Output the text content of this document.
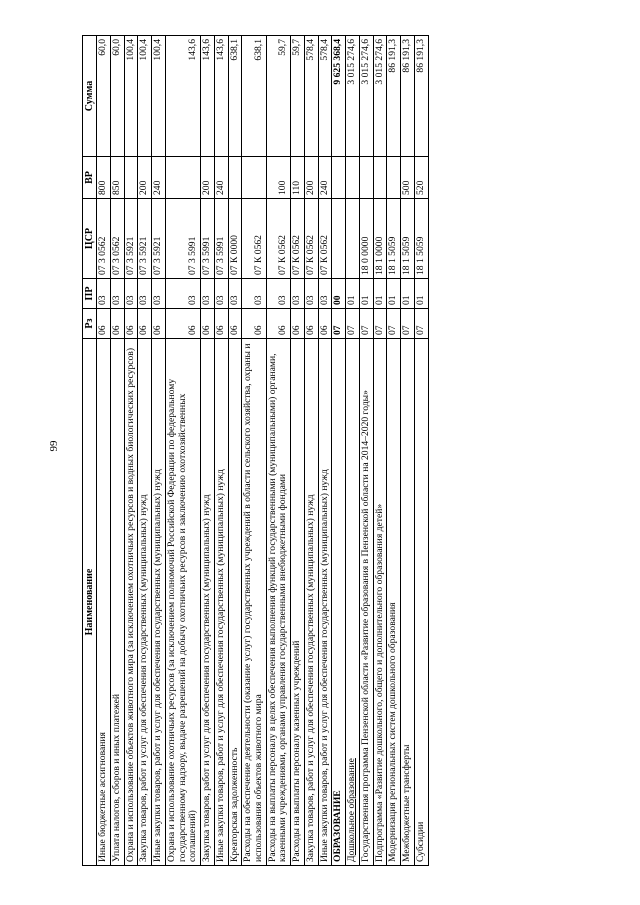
99
Наименование	Рз	ПР	ЦСР	ВР	Сумма
Иные бюджетные ассигнования	06	03	07 3 0562	800	60,0
Уплата налогов, сборов и иных платежей	06	03	07 3 0562	850	60,0
Охрана и использование объектов животного мира (за исключением охотничьих ресурсов и водных биологических ресурсов)	06	03	07 3 5921		100,4
Закупка товаров, работ и услуг для обеспечения государственных (муниципальных) нужд	06	03	07 3 5921	200	100,4
Иные закупки товаров, работ и услуг для обеспечения государственных (муниципальных) нужд	06	03	07 3 5921	240	100,4
Охрана и использование охотничьих ресурсов (за исключением полномочий Российской Федерации по федеральному государственному надзору, выдаче разрешений на добычу охотничьих ресурсов и заключению охотхозяйственных соглашений)	06	03	07 3 5991		143,6
Закупка товаров, работ и услуг для обеспечения государственных (муниципальных) нужд	06	03	07 3 5991	200	143,6
Иные закупки товаров, работ и услуг для обеспечения государственных (муниципальных) нужд	06	03	07 3 5991	240	143,6
Креаторская задолженность	06	03	07 К 0000		638,1
Расходы на обеспечение деятельности (оказание услуг) государственных учреждений в области сельского хозяйства, охраны и использования объектов животного мира	06	03	07 К 0562		638,1
Расходы на выплаты персоналу в целях обеспечения выполнения функций государственными (муниципальными) органами, казенными учреждениями, органами управления государственными внебюджетными фондами	06	03	07 К 0562	100	59,7
Расходы на выплаты персоналу казенных учреждений	06	03	07 К 0562	110	59,7
Закупка товаров, работ и услуг для обеспечения государственных (муниципальных) нужд	06	03	07 К 0562	200	578,4
Иные закупки товаров, работ и услуг для обеспечения государственных (муниципальных) нужд	06	03	07 К 0562	240	578,4
ОБРАЗОВАНИЕ	07	00			9 625 368,4
Дошкольное образование	07	01			3 015 274,6
Государственная программа Пензенской области «Развитие образования в Пензенской области на 2014–2020 годы»	07	01	18 0 0000		3 015 274,6
Подпрограмма «Развитие дошкольного, общего и дополнительного образования детей»	07	01	18 1 0000		3 015 274,6
Модернизация региональных систем дошкольного образования	07	01	18 1 5059		86 191,3
Межбюджетные трансферты	07	01	18 1 5059	500	86 191,3
Субсидии	07	01	18 1 5059	520	86 191,3
